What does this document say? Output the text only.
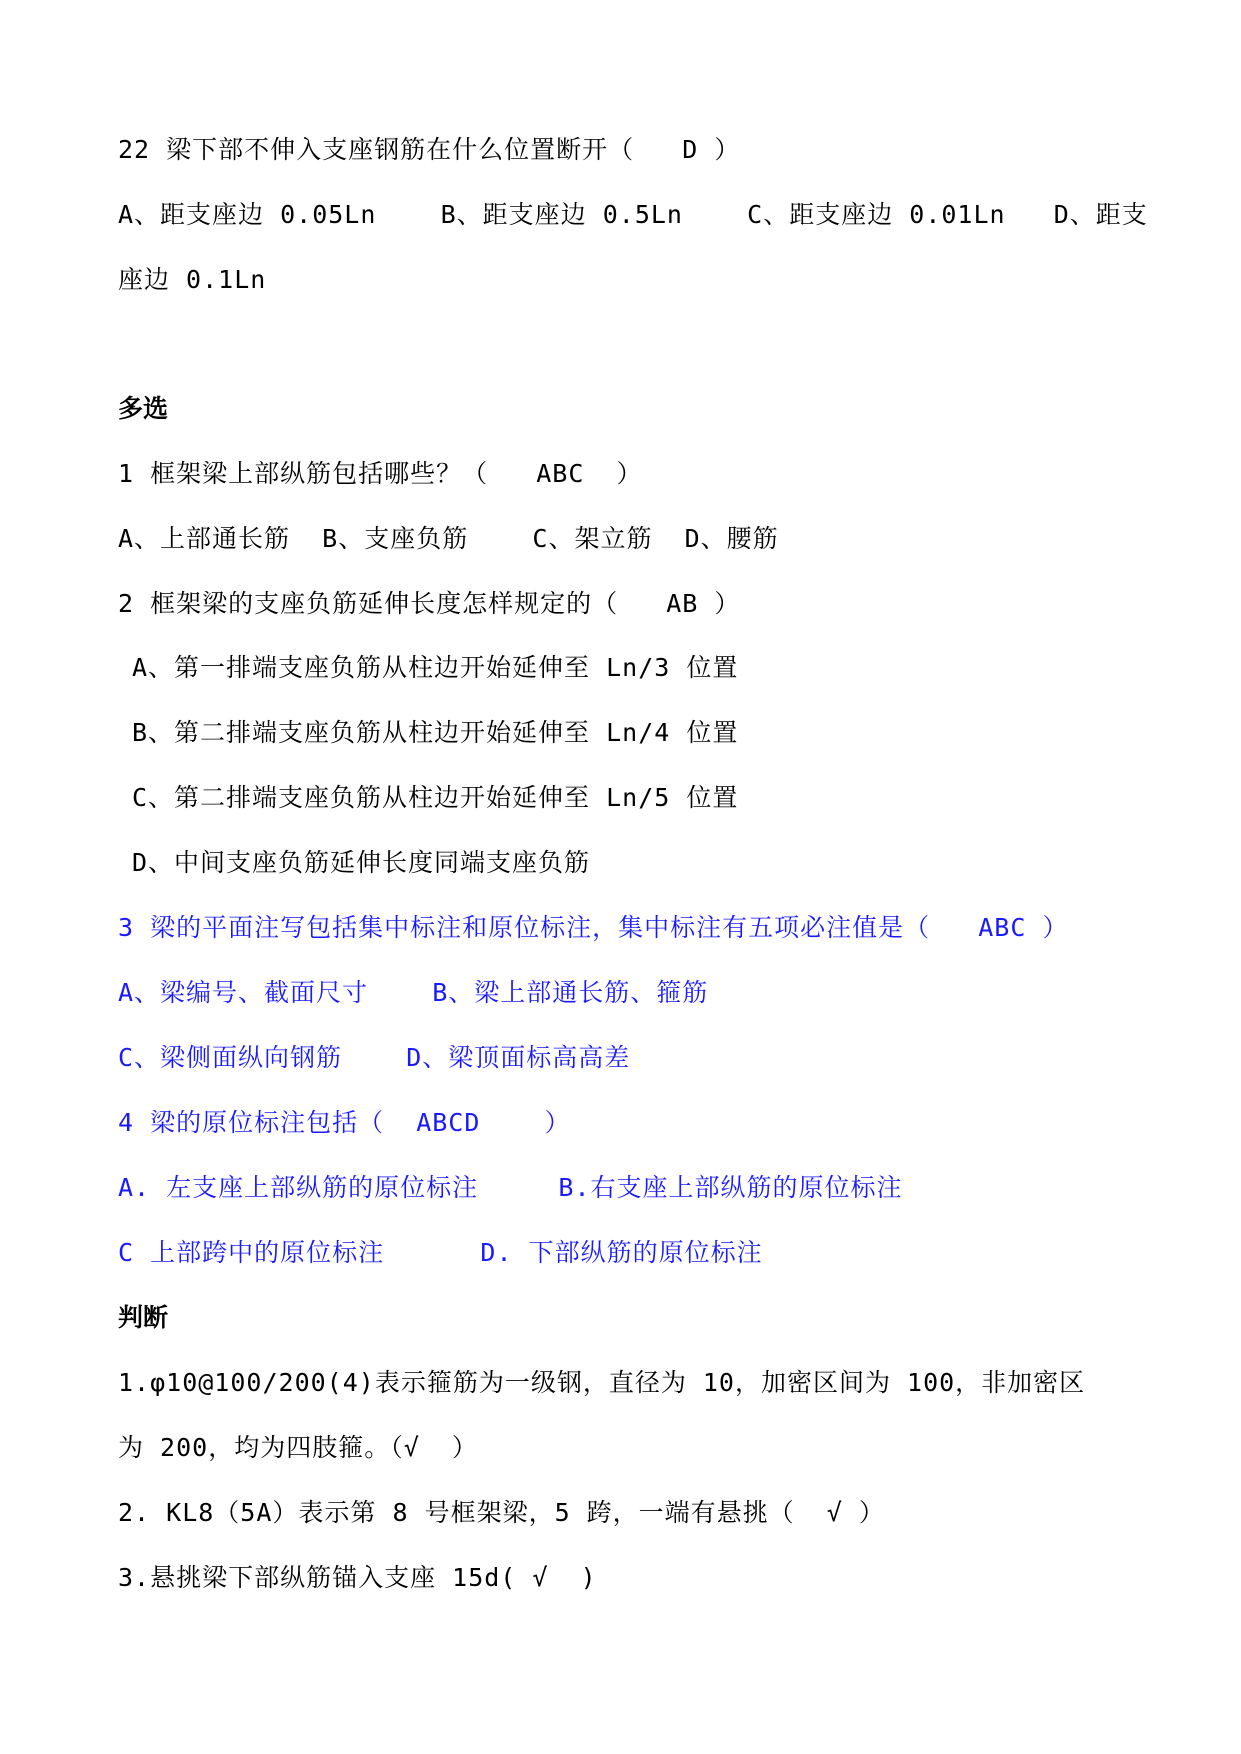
22 梁下部不伸入支座钢筋在什么位置断开（   D ）
A、距支座边 0.05Ln    B、距支座边 0.5Ln    C、距支座边 0.01Ln   D、距支
座边 0.1Ln
多选
1 框架梁上部纵筋包括哪些？（   ABC  ）
A、上部通长筋  B、支座负筋    C、架立筋  D、腰筋
2 框架梁的支座负筋延伸长度怎样规定的（   AB ）
A、第一排端支座负筋从柱边开始延伸至 Ln/3 位置
B、第二排端支座负筋从柱边开始延伸至 Ln/4 位置
C、第二排端支座负筋从柱边开始延伸至 Ln/5 位置
D、中间支座负筋延伸长度同端支座负筋
3 梁的平面注写包括集中标注和原位标注，集中标注有五项必注值是（   ABC ）
A、梁编号、截面尺寸    B、梁上部通长筋、箍筋
C、梁侧面纵向钢筋    D、梁顶面标高高差
4 梁的原位标注包括（  ABCD    ）
A. 左支座上部纵筋的原位标注     B.右支座上部纵筋的原位标注
C 上部跨中的原位标注      D. 下部纵筋的原位标注
判断
1.φ10@100/200(4)表示箍筋为一级钢，直径为 10，加密区间为 100，非加密区
为 200，均为四肢箍。（√  ）
2. KL8（5A）表示第 8 号框架梁，5 跨，一端有悬挑（  √ ）
3.悬挑梁下部纵筋锚入支座 15d( √  )
